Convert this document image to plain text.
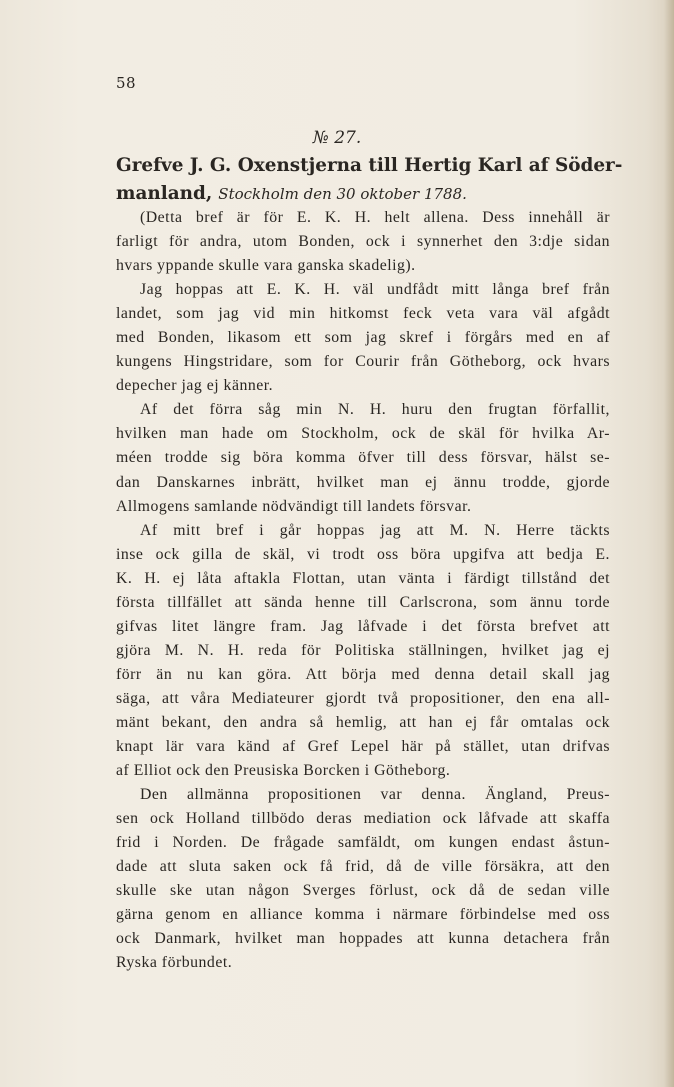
58
№ 27.
Grefve J. G. Oxenstjerna till Hertig Karl af Söder-
manland, Stockholm den 30 oktober 1788.

(Detta bref är för E. K. H. helt allena. Dess innehåll är
farligt för andra, utom Bonden, ock i synnerhet den 3:dje sidan
hvars yppande skulle vara ganska skadelig).

Jag hoppas att E. K. H. väl undfådt mitt långa bref från
landet, som jag vid min hitkomst feck veta vara väl afgådt
med Bonden, likasom ett som jag skref i förgårs med en af
kungens Hingstridare, som for Courir från Götheborg, ock hvars
depecher jag ej känner.

Af det förra såg min N. H. huru den frugtan förfallit,
hvilken man hade om Stockholm, ock de skäl för hvilka Ar-
méen trodde sig böra komma öfver till dess försvar, hälst se-
dan Danskarnes inbrätt, hvilket man ej ännu trodde, gjorde
Allmogens samlande nödvändigt till landets försvar.

Af mitt bref i går hoppas jag att M. N. Herre täckts
inse ock gilla de skäl, vi trodt oss böra upgifva att bedja E.
K. H. ej låta aftakla Flottan, utan vänta i färdigt tillstånd det
första tillfället att sända henne till Carlscrona, som ännu torde
gifvas litet längre fram. Jag låfvade i det första brefvet att
gjöra M. N. H. reda för Politiska ställningen, hvilket jag ej
förr än nu kan göra. Att börja med denna detail skall jag
säga, att våra Mediateurer gjordt två propositioner, den ena all-
mänt bekant, den andra så hemlig, att han ej får omtalas ock
knapt lär vara känd af Gref Lepel här på stället, utan drifvas
af Elliot ock den Preusiska Borcken i Götheborg.

Den allmänna propositionen var denna. Ängland, Preus-
sen ock Holland tillbödo deras mediation ock låfvade att skaffa
frid i Norden. De frågade samfäldt, om kungen endast åstun-
dade att sluta saken ock få frid, då de ville försäkra, att den
skulle ske utan någon Sverges förlust, ock då de sedan ville
gärna genom en alliance komma i närmare förbindelse med oss
ock Danmark, hvilket man hoppades att kunna detachera från
Ryska förbundet.
